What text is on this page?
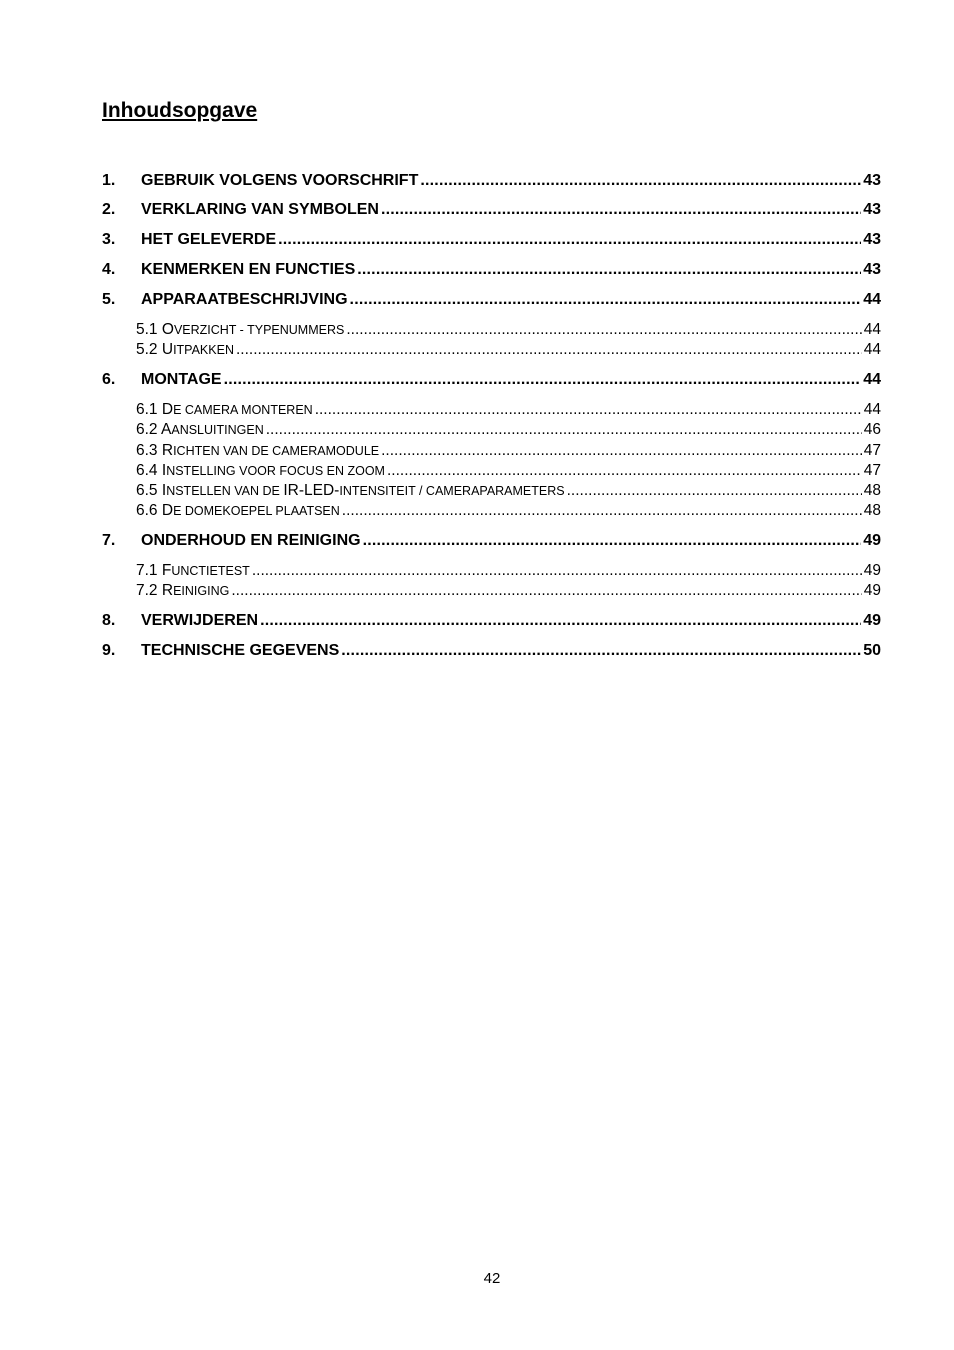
Inhoudsopgave
1.	GEBRUIK VOLGENS VOORSCHRIFT .....	43
2.	VERKLARING VAN SYMBOLEN .....	43
3.	HET GELEVERDE .....	43
4.	KENMERKEN EN FUNCTIES .....	43
5.	APPARAATBESCHRIJVING .....	44
5.1 OVERZICHT - TYPENUMMERS .....	44
5.2 UITPAKKEN .....	44
6.	MONTAGE .....	44
6.1 DE CAMERA MONTEREN .....	44
6.2 AANSLUITINGEN .....	46
6.3 RICHTEN VAN DE CAMERAMODULE .....	47
6.4 INSTELLING VOOR FOCUS EN ZOOM .....	47
6.5 INSTELLEN VAN DE IR-LED-INTENSITEIT / CAMERAPARAMETERS .....	48
6.6 DE DOMEKOEPEL PLAATSEN .....	48
7.	ONDERHOUD EN REINIGING .....	49
7.1 FUNCTIETEST .....	49
7.2 REINIGING .....	49
8.	VERWIJDEREN .....	49
9.	TECHNISCHE GEGEVENS .....	50
42
